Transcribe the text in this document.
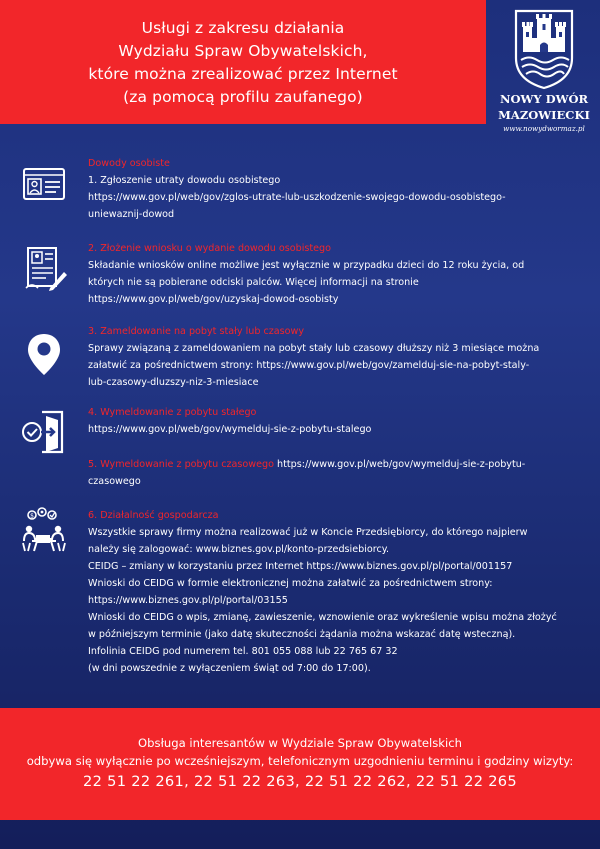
Usługi z zakresu działania
Wydziału Spraw Obywatelskich,
które można zrealizować przez Internet
(za pomocą profilu zaufanego)	NOWY DWÓR
MAZOWIECKI
www.nowydwormaz.pl
Dowody osobiste
1. Zgłoszenie utraty dowodu osobistego
https://www.gov.pl/web/gov/zglos-utrate-lub-uszkodzenie-swojego-dowodu-osobistego-
uniewaznij-dowod
2. Złożenie wniosku o wydanie dowodu osobistego
Składanie wniosków online możliwe jest wyłącznie w przypadku dzieci do 12 roku życia, od
których nie są pobierane odciski palców. Więcej informacji na stronie
https://www.gov.pl/web/gov/uzyskaj-dowod-osobisty
3. Zameldowanie na pobyt stały lub czasowy
Sprawy związaną z zameldowaniem na pobyt stały lub czasowy dłuższy niż 3 miesiące można
załatwić za pośrednictwem strony: https://www.gov.pl/web/gov/zamelduj-sie-na-pobyt-staly-
lub-czasowy-dluzszy-niz-3-miesiace
4. Wymeldowanie z pobytu stałego
https://www.gov.pl/web/gov/wymelduj-sie-z-pobytu-stalego
5. Wymeldowanie z pobytu czasowego https://www.gov.pl/web/gov/wymelduj-sie-z-pobytu-
czasowego
$	6. Działalność gospodarcza
Wszystkie sprawy firmy można realizować już w Koncie Przedsiębiorcy, do którego najpierw
należy się zalogować: www.biznes.gov.pl/konto-przedsiebiorcy.
CEIDG – zmiany w korzystaniu przez Internet https://www.biznes.gov.pl/pl/portal/001157
Wnioski do CEIDG w formie elektronicznej można załatwić za pośrednictwem strony:
https://www.biznes.gov.pl/pl/portal/03155
Wnioski do CEIDG o wpis, zmianę, zawieszenie, wznowienie oraz wykreślenie wpisu można złożyć
w późniejszym terminie (jako datę skuteczności żądania można wskazać datę wsteczną).
Infolinia CEIDG pod numerem tel. 801 055 088 lub 22 765 67 32
(w dni powszednie z wyłączeniem świąt od 7:00 do 17:00).
Obsługa interesantów w Wydziale Spraw Obywatelskich
odbywa się wyłącznie po wcześniejszym, telefonicznym uzgodnieniu terminu i godziny wizyty:
22 51 22 261, 22 51 22 263, 22 51 22 262, 22 51 22 265
